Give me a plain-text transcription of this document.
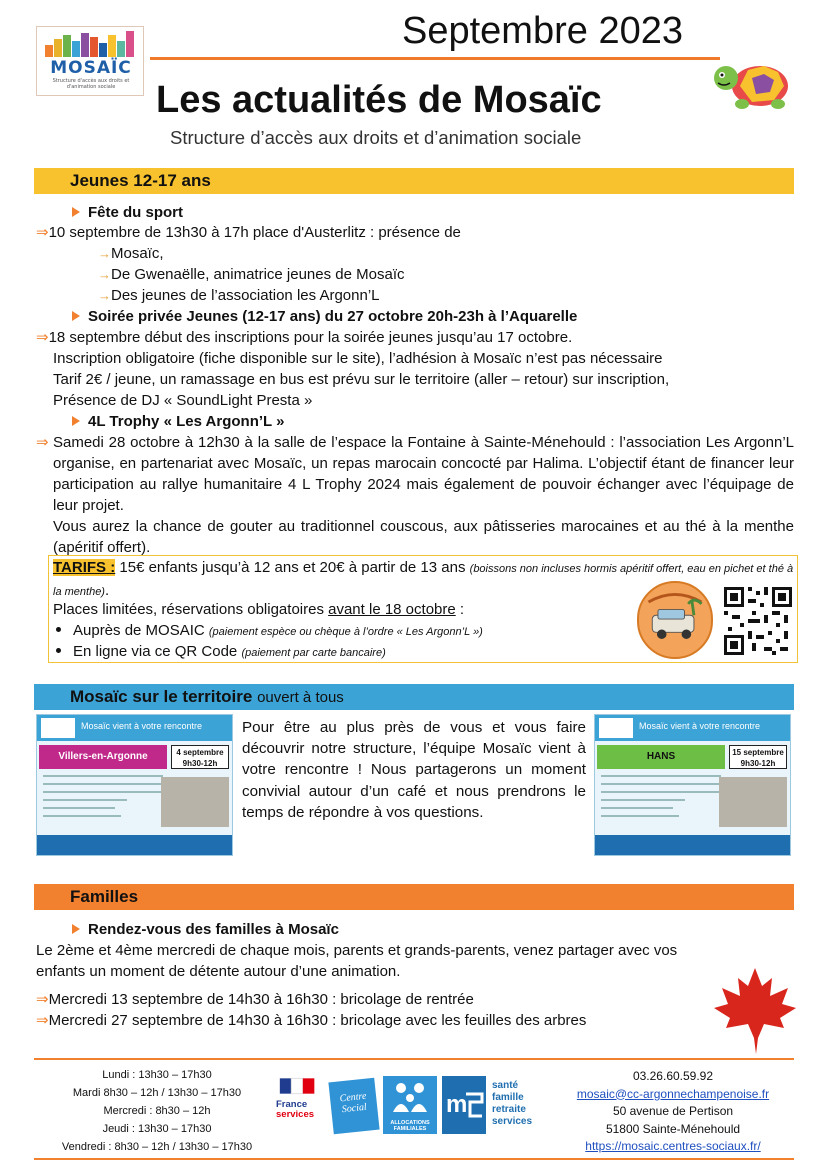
MOSAÏC
Structure d'accès aux droits et d'animation sociale
Septembre 2023
Les actualités de Mosaïc
Structure d’accès aux droits et d’animation sociale
Jeunes 12-17 ans
Fête du sport
⇒10 septembre de 13h30 à 17h place d'Austerlitz : présence de
→Mosaïc,
→De Gwenaëlle, animatrice jeunes de Mosaïc
→Des jeunes de l’association les Argonn’L
Soirée privée Jeunes (12-17 ans) du 27 octobre 20h-23h à l’Aquarelle
⇒18 septembre début des inscriptions pour la soirée jeunes jusqu’au 17 octobre.
Inscription obligatoire (fiche disponible sur le site), l’adhésion à Mosaïc n’est pas nécessaire
Tarif 2€ / jeune, un ramassage en bus est prévu sur le territoire (aller – retour) sur inscription,
Présence de DJ « SoundLight Presta »
4L Trophy « Les Argonn’L »
⇒ Samedi 28 octobre à 12h30 à la salle de l’espace la Fontaine à Sainte-Ménehould : l’association Les Argonn’L organise, en partenariat avec Mosaïc, un repas marocain concocté par Halima. L’objectif étant de financer leur participation au rallye humanitaire 4 L Trophy 2024 mais également de pouvoir échanger avec l’équipage de leur projet.
Vous aurez la chance de gouter au traditionnel couscous, aux pâtisseries marocaines et au thé à la menthe (apéritif offert).
TARIFS : 15€ enfants jusqu’à 12 ans et 20€ à partir de 13 ans (boissons non incluses hormis apéritif offert, eau en pichet et thé à la menthe).
Places limitées, réservations obligatoires avant le 18 octobre :
Auprès de MOSAIC (paiement espèce ou chèque à l’ordre « Les Argonn’L »)
En ligne via ce QR Code (paiement par carte bancaire)
Mosaïc sur le territoire ouvert à tous
Mosaïc vient à votre rencontre
Villers-en-Argonne	4 septembre
9h30-12h
Pour être au plus près de vous et vous faire découvrir notre structure, l’équipe Mosaïc vient à votre rencontre ! Nous partagerons un moment convivial autour d’un café et nous prendrons le temps de répondre à vos questions.
Mosaïc vient à votre rencontre
HANS	15 septembre
9h30-12h
Familles
Rendez-vous des familles à Mosaïc
Le 2ème et 4ème mercredi de chaque mois, parents et grands-parents, venez partager avec vos
enfants un moment de détente autour d’une animation.
⇒Mercredi 13 septembre de 14h30 à 16h30 : bricolage de rentrée
⇒Mercredi 27 septembre de 14h30 à 16h30 : bricolage avec les feuilles des arbres
Lundi : 13h30 – 17h30
Mardi 8h30 – 12h / 13h30 – 17h30
Mercredi : 8h30 – 12h
Jeudi : 13h30 – 17h30
Vendredi : 8h30 – 12h / 13h30 – 17h30
France
services
Centre Social
ALLOCATIONS FAMILIALES
m
santé
famille
retraite
services
03.26.60.59.92
mosaic@cc-argonnechampenoise.fr
50 avenue de Pertison
51800 Sainte-Ménehould
https://mosaic.centres-sociaux.fr/
